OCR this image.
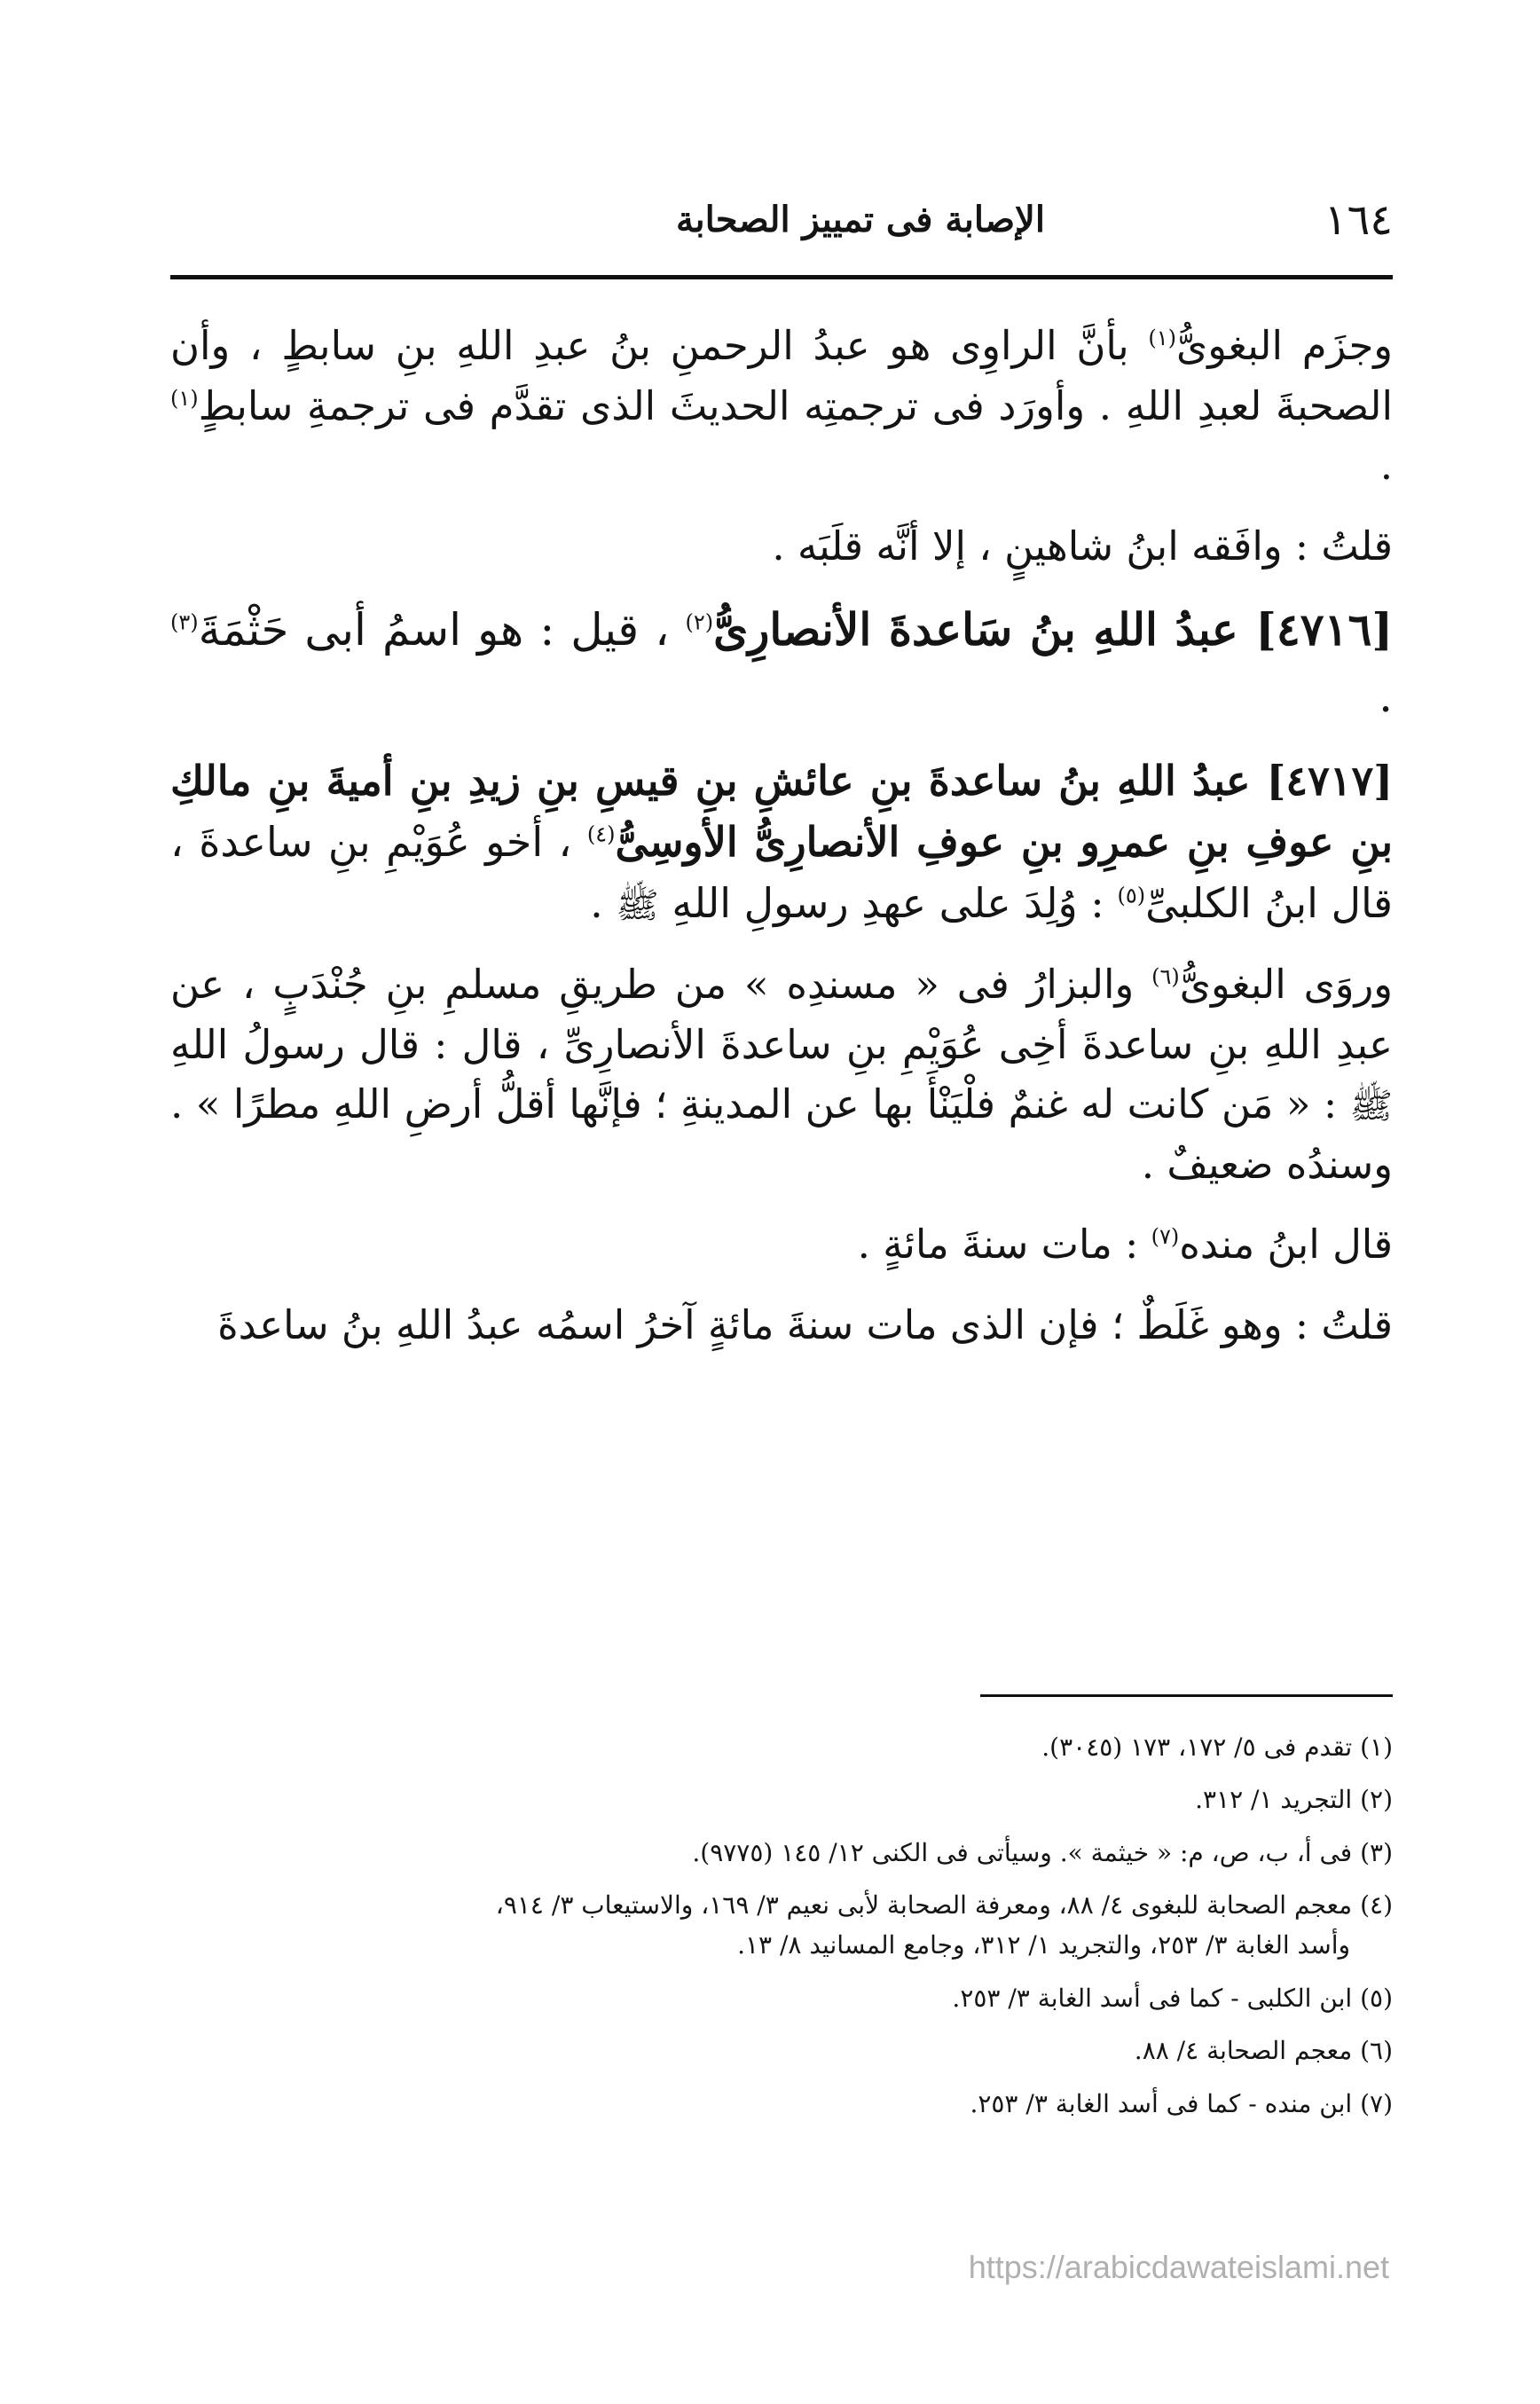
١٦٤
الإصابة فى تمييز الصحابة

وجزَم البغوىُّ$^{(١)}$ بأنَّ الراوِى هو عبدُ الرحمنِ بنُ عبدِ اللهِ بنِ سابطٍ ، وأن الصحبةَ لعبدِ اللهِ . وأورَد فى ترجمتِه الحديثَ الذى تقدَّم فى ترجمةِ سابطٍ$^{(١)}$ .

قلتُ : وافَقه ابنُ شاهينٍ ، إلا أنَّه قلَبَه .

[٤٧١٦] عبدُ اللهِ بنُ سَاعدةَ الأنصارِىُّ$^{(٢)}$ ، قيل : هو اسمُ أبى حَثْمَةَ$^{(٣)}$ .

[٤٧١٧] عبدُ اللهِ بنُ ساعدةَ بنِ عائشِ بنِ قيسِ بنِ زيدِ بنِ أميةَ بنِ مالكِ بنِ عوفِ بنِ عمرِو بنِ عوفِ الأنصارِىُّ الأوسِىُّ$^{(٤)}$ ، أخو عُوَيْمِ بنِ ساعدةَ ، قال ابنُ الكلبىِّ$^{(٥)}$ : وُلِدَ على عهدِ رسولِ اللهِ ﷺ .

وروَى البغوىُّ$^{(٦)}$ والبزارُ فى « مسندِه » من طريقِ مسلمِ بنِ جُنْدَبٍ ، عن عبدِ اللهِ بنِ ساعدةَ أخِى عُوَيْمِ بنِ ساعدةَ الأنصارِىِّ ، قال : قال رسولُ اللهِ ﷺ : « مَن كانت له غنمٌ فلْيَنْأَ بها عن المدينةِ ؛ فإنَّها أقلُّ أرضِ اللهِ مطرًا » . وسندُه ضعيفٌ .

قال ابنُ منده$^{(٧)}$ : مات سنةَ مائةٍ .

قلتُ : وهو غَلَطٌ ؛ فإن الذى مات سنةَ مائةٍ آخرُ اسمُه عبدُ اللهِ بنُ ساعدةَ

(١) تقدم فى ٥/ ١٧٢، ١٧٣ (٣٠٤٥).

(٢) التجريد ١/ ٣١٢.

(٣) فى أ، ب، ص، م: « خيثمة ». وسيأتى فى الكنى ١٢/ ١٤٥ (٩٧٧٥).

(٤) معجم الصحابة للبغوى ٤/ ٨٨، ومعرفة الصحابة لأبى نعيم ٣/ ١٦٩، والاستيعاب ٣/ ٩١٤،
وأسد الغابة ٣/ ٢٥٣، والتجريد ١/ ٣١٢، وجامع المسانيد ٨/ ١٣.

(٥) ابن الكلبى - كما فى أسد الغابة ٣/ ٢٥٣.

(٦) معجم الصحابة ٤/ ٨٨.

(٧) ابن منده - كما فى أسد الغابة ٣/ ٢٥٣.

https://arabicdawateislami.net
